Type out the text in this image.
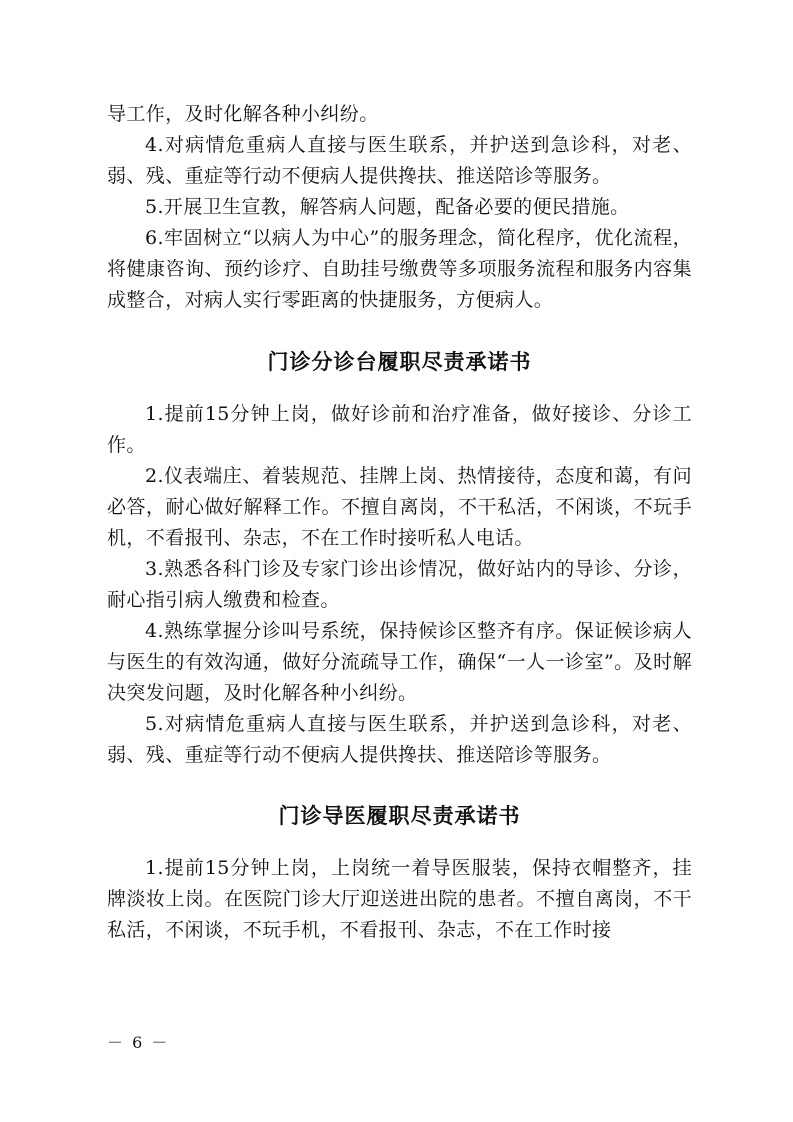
导工作，及时化解各种小纠纷。

4.对病情危重病人直接与医生联系，并护送到急诊科，对老、弱、残、重症等行动不便病人提供搀扶、推送陪诊等服务。

5.开展卫生宣教，解答病人问题，配备必要的便民措施。

6.牢固树立“以病人为中心”的服务理念，简化程序，优化流程，将健康咨询、预约诊疗、自助挂号缴费等多项服务流程和服务内容集成整合，对病人实行零距离的快捷服务，方便病人。

门诊分诊台履职尽责承诺书

1.提前15分钟上岗，做好诊前和治疗准备，做好接诊、分诊工作。

2.仪表端庄、着装规范、挂牌上岗、热情接待，态度和蔼，有问必答，耐心做好解释工作。不擅自离岗，不干私活，不闲谈，不玩手机，不看报刊、杂志，不在工作时接听私人电话。

3.熟悉各科门诊及专家门诊出诊情况，做好站内的导诊、分诊，耐心指引病人缴费和检查。

4.熟练掌握分诊叫号系统，保持候诊区整齐有序。保证候诊病人与医生的有效沟通，做好分流疏导工作，确保“一人一诊室”。及时解决突发问题，及时化解各种小纠纷。

5.对病情危重病人直接与医生联系，并护送到急诊科，对老、弱、残、重症等行动不便病人提供搀扶、推送陪诊等服务。

门诊导医履职尽责承诺书

1.提前15分钟上岗，上岗统一着导医服装，保持衣帽整齐，挂牌淡妆上岗。在医院门诊大厅迎送进出院的患者。不擅自离岗，不干私活，不闲谈，不玩手机，不看报刊、杂志，不在工作时接

－ 6 －
